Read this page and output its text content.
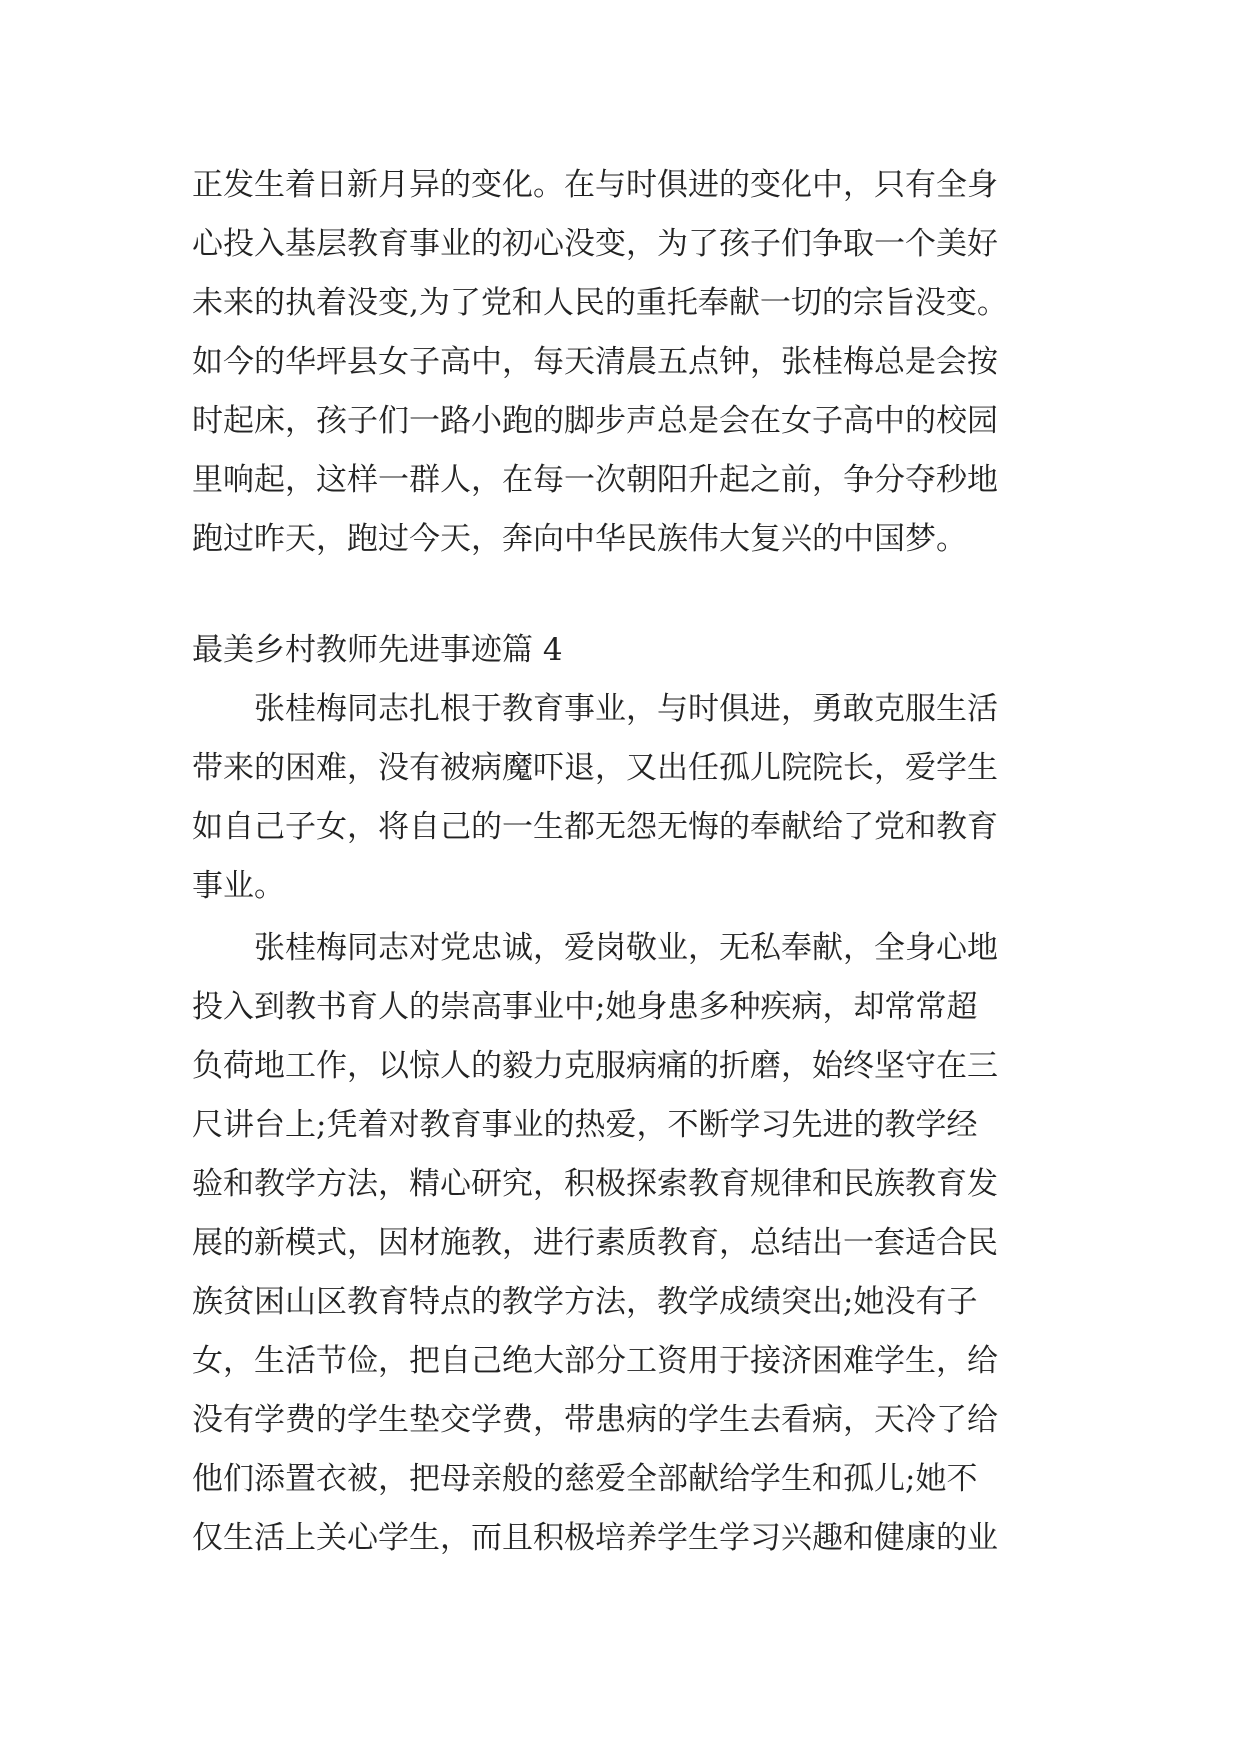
正发生着日新月异的变化。在与时俱进的变化中，只有全身
心投入基层教育事业的初心没变，为了孩子们争取一个美好
未来的执着没变,为了党和人民的重托奉献一切的宗旨没变。
如今的华坪县女子高中，每天清晨五点钟，张桂梅总是会按
时起床，孩子们一路小跑的脚步声总是会在女子高中的校园
里响起，这样一群人，在每一次朝阳升起之前，争分夺秒地
跑过昨天，跑过今天，奔向中华民族伟大复兴的中国梦。
最美乡村教师先进事迹篇 4
张桂梅同志扎根于教育事业，与时俱进，勇敢克服生活
带来的困难，没有被病魔吓退，又出任孤儿院院长，爱学生
如自己子女，将自己的一生都无怨无悔的奉献给了党和教育
事业。
张桂梅同志对党忠诚，爱岗敬业，无私奉献，全身心地
投入到教书育人的崇高事业中;她身患多种疾病，却常常超
负荷地工作，以惊人的毅力克服病痛的折磨，始终坚守在三
尺讲台上;凭着对教育事业的热爱，不断学习先进的教学经
验和教学方法，精心研究，积极探索教育规律和民族教育发
展的新模式，因材施教，进行素质教育，总结出一套适合民
族贫困山区教育特点的教学方法，教学成绩突出;她没有子
女，生活节俭，把自己绝大部分工资用于接济困难学生，给
没有学费的学生垫交学费，带患病的学生去看病，天冷了给
他们添置衣被，把母亲般的慈爱全部献给学生和孤儿;她不
仅生活上关心学生，而且积极培养学生学习兴趣和健康的业
